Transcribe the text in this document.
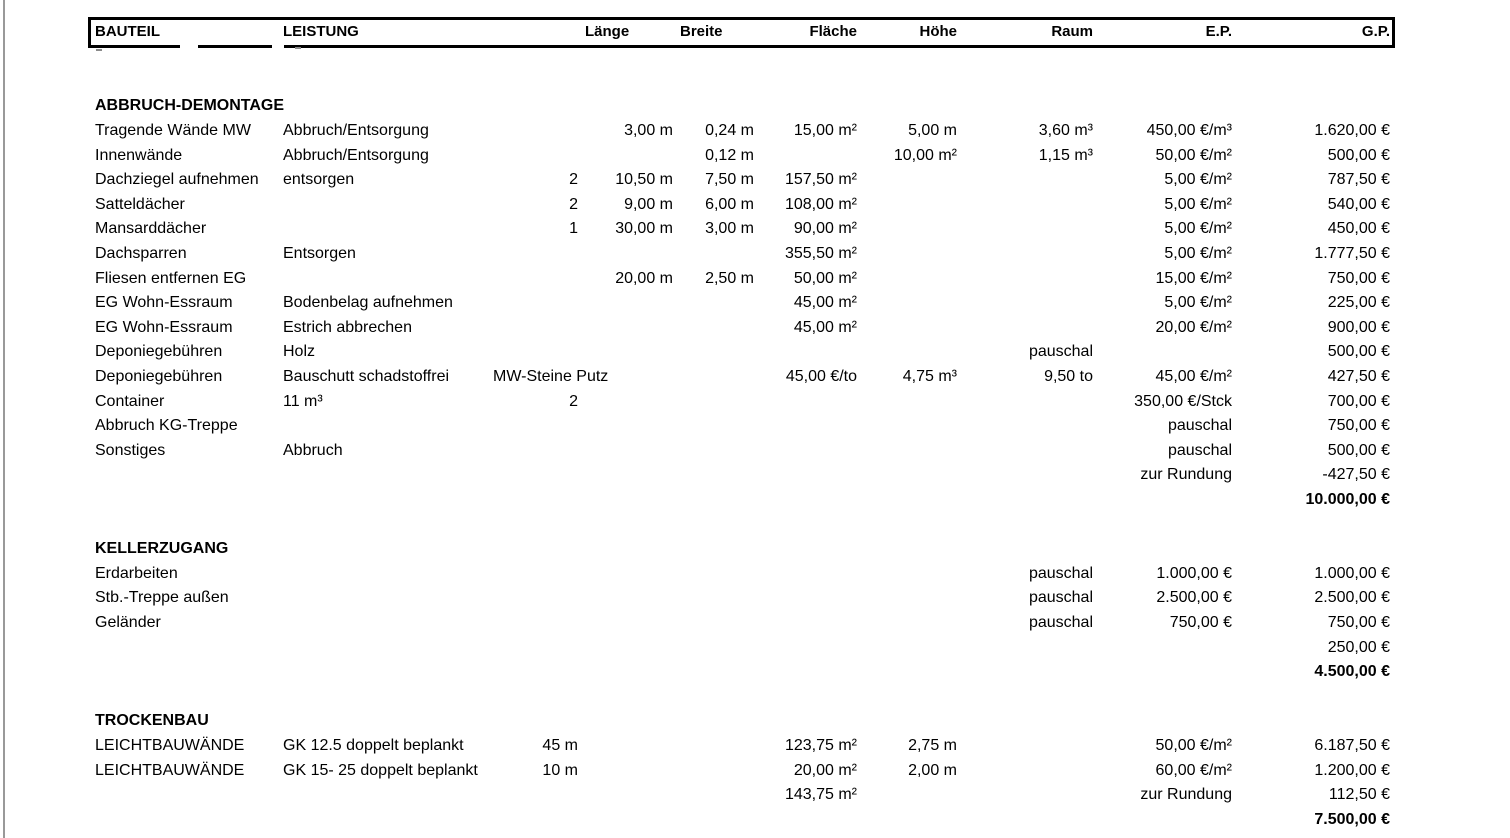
BAUTEIL	LEISTUNG		Länge	Breite	Fläche	Höhe	Raum	E.P.	G.P.

ABBRUCH-DEMONTAGE									
Tragende Wände MW	Abbruch/Entsorgung		3,00 m	0,24 m	15,00 m²	5,00 m	3,60 m³	450,00 €/m³	1.620,00 €
Innenwände	Abbruch/Entsorgung			0,12 m		10,00 m²	1,15 m³	50,00 €/m²	500,00 €
Dachziegel aufnehmen	entsorgen	2	10,50 m	7,50 m	157,50 m²			5,00 €/m²	787,50 €
Satteldächer		2	9,00 m	6,00 m	108,00 m²			5,00 €/m²	540,00 €
Mansarddächer		1	30,00 m	3,00 m	90,00 m²			5,00 €/m²	450,00 €
Dachsparren	Entsorgen				355,50 m²			5,00 €/m²	1.777,50 €
Fliesen entfernen EG			20,00 m	2,50 m	50,00 m²			15,00 €/m²	750,00 €
EG Wohn-Essraum	Bodenbelag aufnehmen				45,00 m²			5,00 €/m²	225,00 €
EG Wohn-Essraum	Estrich abbrechen				45,00 m²			20,00 €/m²	900,00 €
Deponiegebühren	Holz						pauschal		500,00 €
Deponiegebühren	Bauschutt schadstoffrei	MW-Steine Putz			45,00 €/to	4,75 m³	9,50 to	45,00 €/m²	427,50 €
Container	11 m³	2						350,00 €/Stck	700,00 €
Abbruch KG-Treppe								pauschal	750,00 €
Sonstiges	Abbruch							pauschal	500,00 €
								zur Rundung	-427,50 €
									10.000,00 €

KELLERZUGANG									
Erdarbeiten							pauschal	1.000,00 €	1.000,00 €
Stb.-Treppe außen							pauschal	2.500,00 €	2.500,00 €
Geländer							pauschal	750,00 €	750,00 €
									250,00 €
									4.500,00 €

TROCKENBAU									
LEICHTBAUWÄNDE	GK 12.5 doppelt beplankt	45 m			123,75 m²	2,75 m		50,00 €/m²	6.187,50 €
LEICHTBAUWÄNDE	GK 15- 25 doppelt beplankt	10 m			20,00 m²	2,00 m		60,00 €/m²	1.200,00 €
					143,75 m²			zur Rundung	112,50 €
									7.500,00 €
